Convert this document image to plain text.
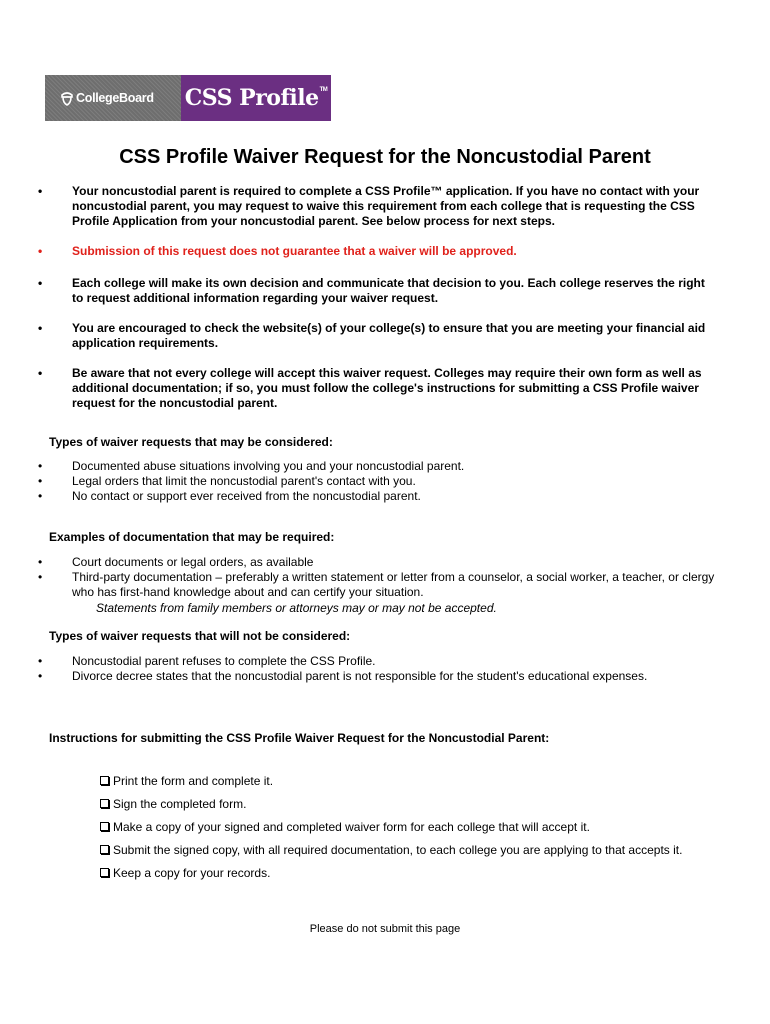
CollegeBoard CSS Profile TM
CSS Profile Waiver Request for the Noncustodial Parent
• Your noncustodial parent is required to complete a CSS Profile™ application. If you have no contact with your noncustodial parent, you may request to waive this requirement from each college that is requesting the CSS Profile Application from your noncustodial parent. See below process for next steps.
• Submission of this request does not guarantee that a waiver will be approved.
• Each college will make its own decision and communicate that decision to you. Each college reserves the right to request additional information regarding your waiver request.
• You are encouraged to check the website(s) of your college(s) to ensure that you are meeting your financial aid application requirements.
• Be aware that not every college will accept this waiver request. Colleges may require their own form as well as additional documentation; if so, you must follow the college's instructions for submitting a CSS Profile waiver request for the noncustodial parent.
Types of waiver requests that may be considered:
• Documented abuse situations involving you and your noncustodial parent.
• Legal orders that limit the noncustodial parent's contact with you.
• No contact or support ever received from the noncustodial parent.
Examples of documentation that may be required:
• Court documents or legal orders, as available
• Third-party documentation – preferably a written statement or letter from a counselor, a social worker, a teacher, or clergy who has first-hand knowledge about and can certify your situation.
Statements from family members or attorneys may or may not be accepted.
Types of waiver requests that will not be considered:
• Noncustodial parent refuses to complete the CSS Profile.
• Divorce decree states that the noncustodial parent is not responsible for the student's educational expenses.
Instructions for submitting the CSS Profile Waiver Request for the Noncustodial Parent:
Print the form and complete it.
Sign the completed form.
Make a copy of your signed and completed waiver form for each college that will accept it.
Submit the signed copy, with all required documentation, to each college you are applying to that accepts it.
Keep a copy for your records.

Please do not submit this page
